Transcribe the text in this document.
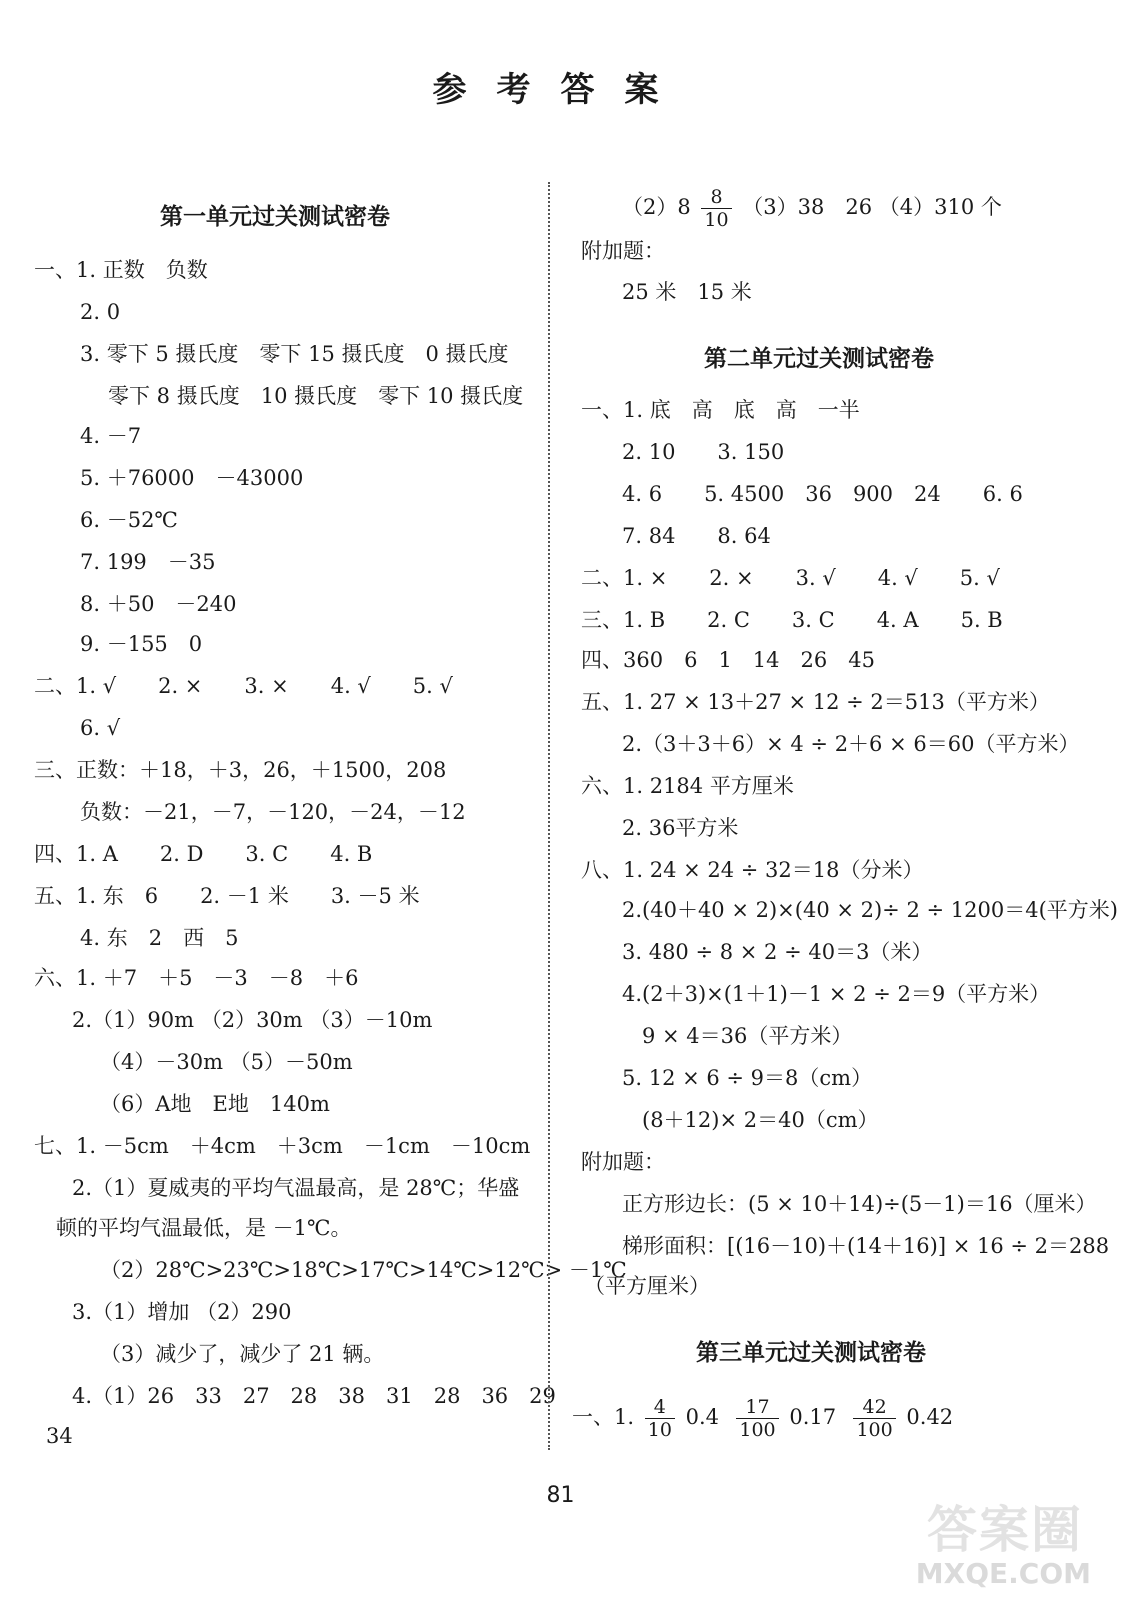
参考答案
第一单元过关测试密卷
一、1. 正数　负数
2. 0
3. 零下 5 摄氏度　零下 15 摄氏度　0 摄氏度
零下 8 摄氏度　10 摄氏度　零下 10 摄氏度
4. －7
5. ＋76000　－43000
6. －52℃
7. 199　－35
8. ＋50　－240
9. －155　0
二、1. √　　2. ×　　3. ×　　4. √　　5. √
6. √
三、正数：＋18，＋3，26，＋1500，208
负数：－21，－7，－120，－24，－12
四、1. A　　2. D　　3. C　　4. B
五、1. 东　6　　2. －1 米　　3. －5 米
4. 东　2　西　5
六、1. ＋7　＋5　－3　－8　＋6
2.（1）90m （2）30m （3）－10m
（4）－30m （5）－50m
（6）A地　E地　140m
七、1. －5cm　＋4cm　＋3cm　－1cm　－10cm
2.（1）夏威夷的平均气温最高，是 28℃；华盛
顿的平均气温最低，是 －1℃。
（2）28℃>23℃>18℃>17℃>14℃>12℃> －1℃
3.（1）增加 （2）290
（3）减少了，减少了 21 辆。
4.（1）26　33　27　28　38　31　28　36　29
34
$(2)8 \frac{8}{10} (3)38$　26 （4）310 个
附加题：
25 米　15 米
第二单元过关测试密卷
一、1. 底　高　底　高　一半
2. 10　　3. 150
4. 6　　5. 4500　36　900　24　　6. 6
7. 84　　8. 64
二、1. ×　　2. ×　　3. √　　4. √　　5. √
三、1. B　　2. C　　3. C　　4. A　　5. B
四、360　6　1　14　26　45
五、1. 27 × 13＋27 × 12 ÷ 2＝513（平方米）
2.（3＋3＋6）× 4 ÷ 2＋6 × 6＝60（平方米）
六、1. 2184 平方厘米
2. 36平方米
八、1. 24 × 24 ÷ 32＝18（分米）
2.(40＋40 × 2)×(40 × 2)÷ 2 ÷ 1200＝4(平方米)
3. 480 ÷ 8 × 2 ÷ 40＝3（米）
4.(2＋3)×(1＋1)－1 × 2 ÷ 2＝9（平方米）
9 × 4＝36（平方米）
5. 12 × 6 ÷ 9＝8（cm）
(8＋12)× 2＝40（cm）
附加题：
正方形边长：(5 × 10＋14)÷(5－1)＝16（厘米）
梯形面积：[(16－10)＋(14＋16)] × 16 ÷ 2＝288
（平方厘米）
第三单元过关测试密卷
一、1. $\frac{4}{10} 0.4 \frac{17}{100} 0.17 \frac{42}{100} 0.42$
81
答案圈
MXQE.COM
